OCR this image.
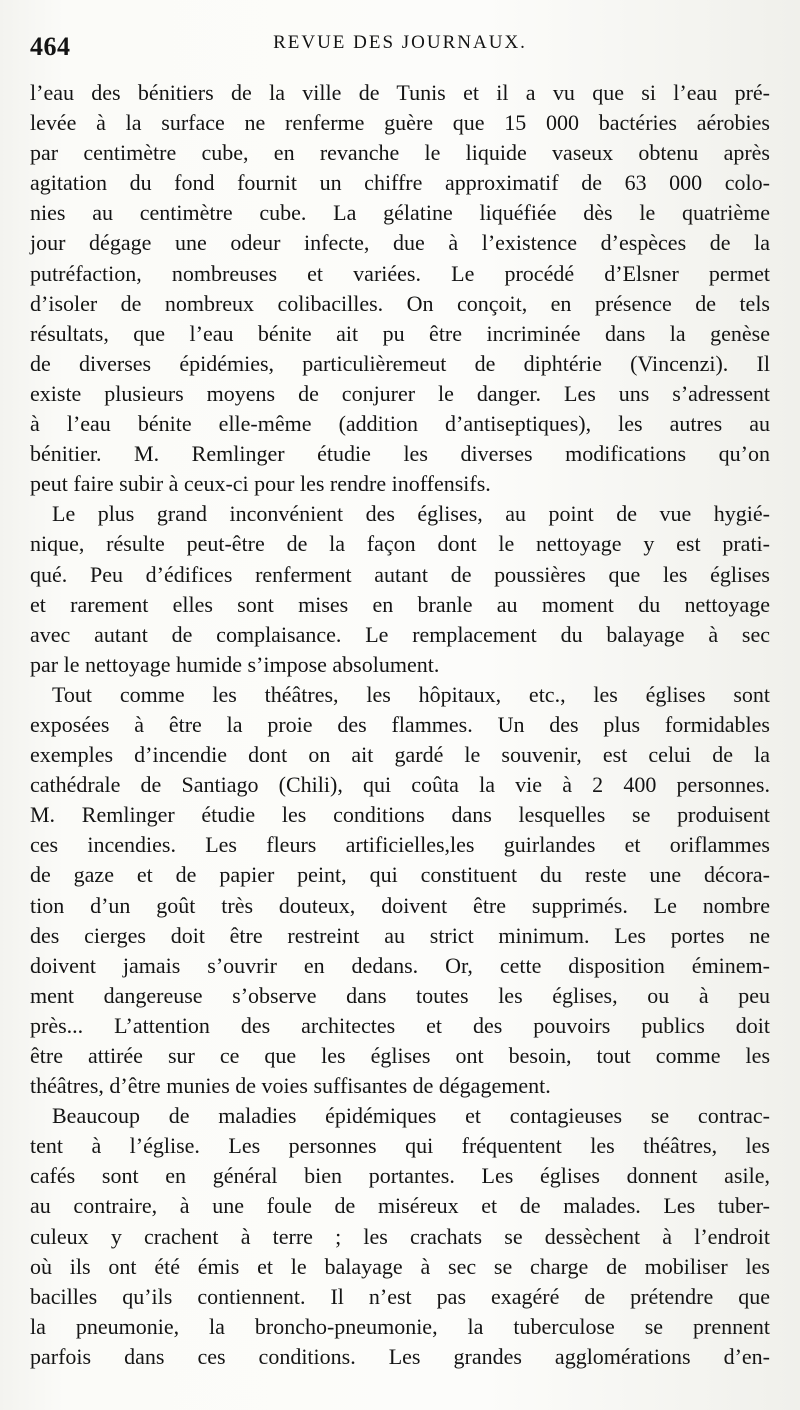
464	REVUE DES JOURNAUX.
l’eau des bénitiers de la ville de Tunis et il a vu que si l’eau pré-
levée à la surface ne renferme guère que 15 000 bactéries aérobies
par centimètre cube, en revanche le liquide vaseux obtenu après
agitation du fond fournit un chiffre approximatif de 63 000 colo-
nies au centimètre cube. La gélatine liquéfiée dès le quatrième
jour dégage une odeur infecte, due à l’existence d’espèces de la
putréfaction, nombreuses et variées. Le procédé d’Elsner permet
d’isoler de nombreux colibacilles. On conçoit, en présence de tels
résultats, que l’eau bénite ait pu être incriminée dans la genèse
de diverses épidémies, particulièremeut de diphtérie (Vincenzi). Il
existe plusieurs moyens de conjurer le danger. Les uns s’adressent
à l’eau bénite elle-même (addition d’antiseptiques), les autres au
bénitier. M. Remlinger étudie les diverses modifications qu’on
peut faire subir à ceux-ci pour les rendre inoffensifs.
Le plus grand inconvénient des églises, au point de vue hygié-
nique, résulte peut-être de la façon dont le nettoyage y est prati-
qué. Peu d’édifices renferment autant de poussières que les églises
et rarement elles sont mises en branle au moment du nettoyage
avec autant de complaisance. Le remplacement du balayage à sec
par le nettoyage humide s’impose absolument.
Tout comme les théâtres, les hôpitaux, etc., les églises sont
exposées à être la proie des flammes. Un des plus formidables
exemples d’incendie dont on ait gardé le souvenir, est celui de la
cathédrale de Santiago (Chili), qui coûta la vie à 2 400 personnes.
M. Remlinger étudie les conditions dans lesquelles se produisent
ces incendies. Les fleurs artificielles,les guirlandes et oriflammes
de gaze et de papier peint, qui constituent du reste une décora-
tion d’un goût très douteux, doivent être supprimés. Le nombre
des cierges doit être restreint au strict minimum. Les portes ne
doivent jamais s’ouvrir en dedans. Or, cette disposition éminem-
ment dangereuse s’observe dans toutes les églises, ou à peu
près... L’attention des architectes et des pouvoirs publics doit
être attirée sur ce que les églises ont besoin, tout comme les
théâtres, d’être munies de voies suffisantes de dégagement.
Beaucoup de maladies épidémiques et contagieuses se contrac-
tent à l’église. Les personnes qui fréquentent les théâtres, les
cafés sont en général bien portantes. Les églises donnent asile,
au contraire, à une foule de miséreux et de malades. Les tuber-
culeux y crachent à terre ; les crachats se dessèchent à l’endroit
où ils ont été émis et le balayage à sec se charge de mobiliser les
bacilles qu’ils contiennent. Il n’est pas exagéré de prétendre que
la pneumonie, la broncho-pneumonie, la tuberculose se prennent
parfois dans ces conditions. Les grandes agglomérations d’en-
